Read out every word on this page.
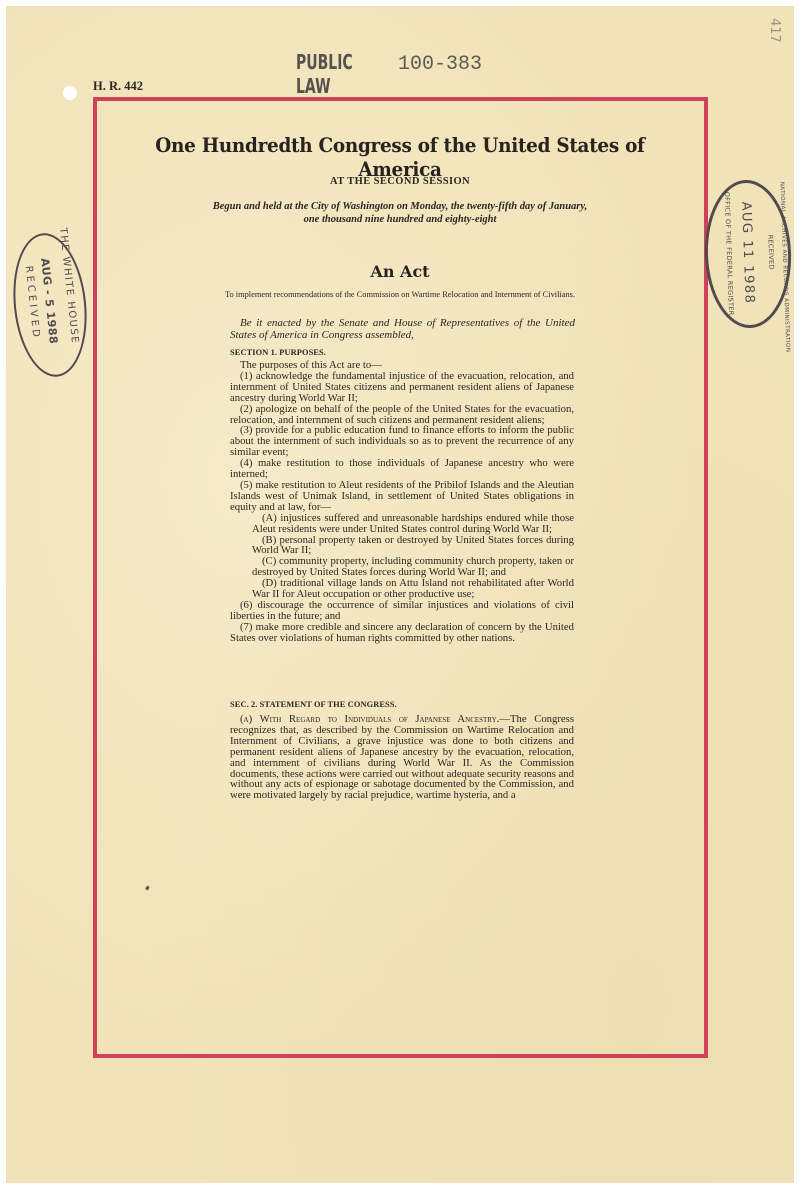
417
PUBLIC LAW
100-383
H. R. 442
One Hundredth Congress of the United States of America
AT THE SECOND SESSION
Begun and held at the City of Washington on Monday, the twenty-fifth day of January,
one thousand nine hundred and eighty-eight
An Act
To implement recommendations of the Commission on Wartime Relocation and Internment of Civilians.
Be it enacted by the Senate and House of Representatives of the United States of America in Congress assembled,
SECTION 1. PURPOSES.

The purposes of this Act are to—

(1) acknowledge the fundamental injustice of the evacuation, relocation, and internment of United States citizens and permanent resident aliens of Japanese ancestry during World War II;

(2) apologize on behalf of the people of the United States for the evacuation, relocation, and internment of such citizens and permanent resident aliens;

(3) provide for a public education fund to finance efforts to inform the public about the internment of such individuals so as to prevent the recurrence of any similar event;

(4) make restitution to those individuals of Japanese ancestry who were interned;

(5) make restitution to Aleut residents of the Pribilof Islands and the Aleutian Islands west of Unimak Island, in settlement of United States obligations in equity and at law, for—

(A) injustices suffered and unreasonable hardships endured while those Aleut residents were under United States control during World War II;

(B) personal property taken or destroyed by United States forces during World War II;

(C) community property, including community church property, taken or destroyed by United States forces during World War II; and

(D) traditional village lands on Attu Island not rehabilitated after World War II for Aleut occupation or other productive use;

(6) discourage the occurrence of similar injustices and violations of civil liberties in the future; and

(7) make more credible and sincere any declaration of concern by the United States over violations of human rights committed by other nations.

SEC. 2. STATEMENT OF THE CONGRESS.

(a) With Regard to Individuals of Japanese Ancestry.—The Congress recognizes that, as described by the Commission on Wartime Relocation and Internment of Civilians, a grave injustice was done to both citizens and permanent resident aliens of Japanese ancestry by the evacuation, relocation, and internment of civilians during World War II. As the Commission documents, these actions were carried out without adequate security reasons and without any acts of espionage or sabotage documented by the Commission, and were motivated largely by racial prejudice, wartime hysteria, and a

THE WHITE HOUSE
AUG - 5 1988
RECEIVED	OFFICE OF THE FEDERAL REGISTER AUG 11 1988	RECEIVED NATIONAL ARCHIVES AND RECORDS ADMINISTRATION
